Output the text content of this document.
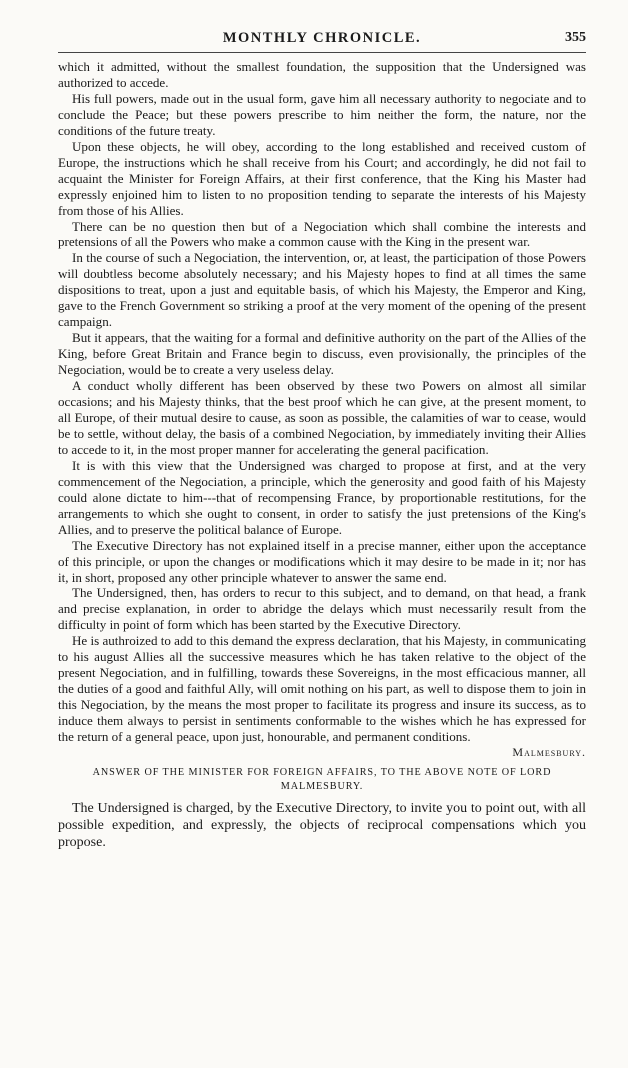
MONTHLY CHRONICLE.	355

which it admitted, without the smallest foundation, the supposition that the Undersigned was authorized to accede.

His full powers, made out in the usual form, gave him all necessary authority to negociate and to conclude the Peace; but these powers prescribe to him neither the form, the nature, nor the conditions of the future treaty.

Upon these objects, he will obey, according to the long established and received custom of Europe, the instructions which he shall receive from his Court; and accordingly, he did not fail to acquaint the Minister for Foreign Affairs, at their first conference, that the King his Master had expressly enjoined him to listen to no proposition tending to separate the interests of his Majesty from those of his Allies.

There can be no question then but of a Negociation which shall combine the interests and pretensions of all the Powers who make a common cause with the King in the present war.

In the course of such a Negociation, the intervention, or, at least, the participation of those Powers will doubtless become absolutely necessary; and his Majesty hopes to find at all times the same dispositions to treat, upon a just and equitable basis, of which his Majesty, the Emperor and King, gave to the French Government so striking a proof at the very moment of the opening of the present campaign.

But it appears, that the waiting for a formal and definitive authority on the part of the Allies of the King, before Great Britain and France begin to discuss, even provisionally, the principles of the Negociation, would be to create a very useless delay.

A conduct wholly different has been observed by these two Powers on almost all similar occasions; and his Majesty thinks, that the best proof which he can give, at the present moment, to all Europe, of their mutual desire to cause, as soon as possible, the calamities of war to cease, would be to settle, without delay, the basis of a combined Negociation, by immediately inviting their Allies to accede to it, in the most proper manner for accelerating the general pacification.

It is with this view that the Undersigned was charged to propose at first, and at the very commencement of the Negociation, a principle, which the generosity and good faith of his Majesty could alone dictate to him---that of recompensing France, by proportionable restitutions, for the arrangements to which she ought to consent, in order to satisfy the just pretensions of the King's Allies, and to preserve the political balance of Europe.

The Executive Directory has not explained itself in a precise manner, either upon the acceptance of this principle, or upon the changes or modifications which it may desire to be made in it; nor has it, in short, proposed any other principle whatever to answer the same end.

The Undersigned, then, has orders to recur to this subject, and to demand, on that head, a frank and precise explanation, in order to abridge the delays which must necessarily result from the difficulty in point of form which has been started by the Executive Directory.

He is authroized to add to this demand the express declaration, that his Majesty, in communicating to his august Allies all the successive measures which he has taken relative to the object of the present Negociation, and in fulfilling, towards these Sovereigns, in the most efficacious manner, all the duties of a good and faithful Ally, will omit nothing on his part, as well to dispose them to join in this Negociation, by the means the most proper to facilitate its progress and insure its success, as to induce them always to persist in sentiments conformable to the wishes which he has expressed for the return of a general peace, upon just, honourable, and permanent conditions.

Malmesbury.
ANSWER OF THE MINISTER FOR FOREIGN AFFAIRS, TO THE ABOVE NOTE OF LORD MALMESBURY.

The Undersigned is charged, by the Executive Directory, to invite you to point out, with all possible expedition, and expressly, the objects of reciprocal compensations which you propose.
